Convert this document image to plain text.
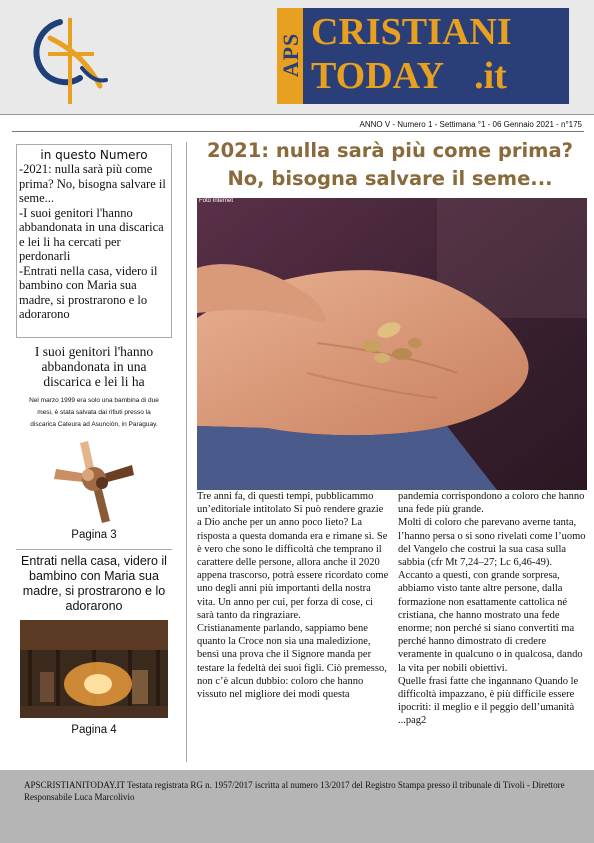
APS
CRISTIANI
TODAY .it
ANNO V - Numero 1 - Settimana °1 - 06 Gennaio 2021 - n°175
in questo Numero
-2021: nulla sarà più come prima? No, bisogna salvare il seme...
-I suoi genitori l'hanno abbandonata in una discarica e lei li ha cercati per perdonarli
-Entrati nella casa, videro il bambino con Maria sua madre, si prostrarono e lo adorarono
I suoi genitori l'hanno abbandonata in una discarica e lei li ha
Nel marzo 1999 era solo una bambina di due mesi, è stata salvata dai rifiuti presso la discarica Cateura ad Asunción, in Paraguay.
Pagina 3
Entrati nella casa, videro il bambino con Maria sua madre, si prostrarono e lo adorarono
Pagina 4
2021: nulla sarà più come prima?
No, bisogna salvare il seme...
Foto Internet

Tre anni fa, di questi tempi, pubblicammo un’editoriale intitolato Si può rendere grazie a Dio anche per un anno poco lieto? La risposta a questa domanda era e rimane sì. Se è vero che sono le difficoltà che temprano il carattere delle persone, allora anche il 2020 appena trascorso, potrà essere ricordato come uno degli anni più importanti della nostra vita. Un anno per cui, per forza di cose, ci sarà tanto da ringraziare.

Cristianamente parlando, sappiamo bene quanto la Croce non sia una maledizione, bensì una prova che il Signore manda per testare la fedeltà dei suoi figli. Ciò premesso, non c’è alcun dubbio: coloro che hanno vissuto nel migliore dei modi questa

pandemia corrispondono a coloro che hanno una fede più grande.

Molti di coloro che parevano averne tanta, l’hanno persa o si sono rivelati come l’uomo del Vangelo che costruì la sua casa sulla sabbia (cfr Mt 7,24–27; Lc 6,46-49). Accanto a questi, con grande sorpresa, abbiamo visto tante altre persone, dalla formazione non esattamente cattolica né cristiana, che hanno mostrato una fede enorme; non perché si siano convertiti ma perché hanno dimostrato di credere veramente in qualcuno o in qualcosa, dando la vita per nobili obiettivi.

Quelle frasi fatte che ingannano Quando le difficoltà impazzano, è più difficile essere ipocriti: il meglio e il peggio dell’umanità ...pag2

APSCRISTIANITODAY.IT Testata registrata RG n. 1957/2017 iscritta al numero 13/2017 del Registro Stampa presso il tribunale di Tivoli - Direttore Responsabile Luca Marcolivio
